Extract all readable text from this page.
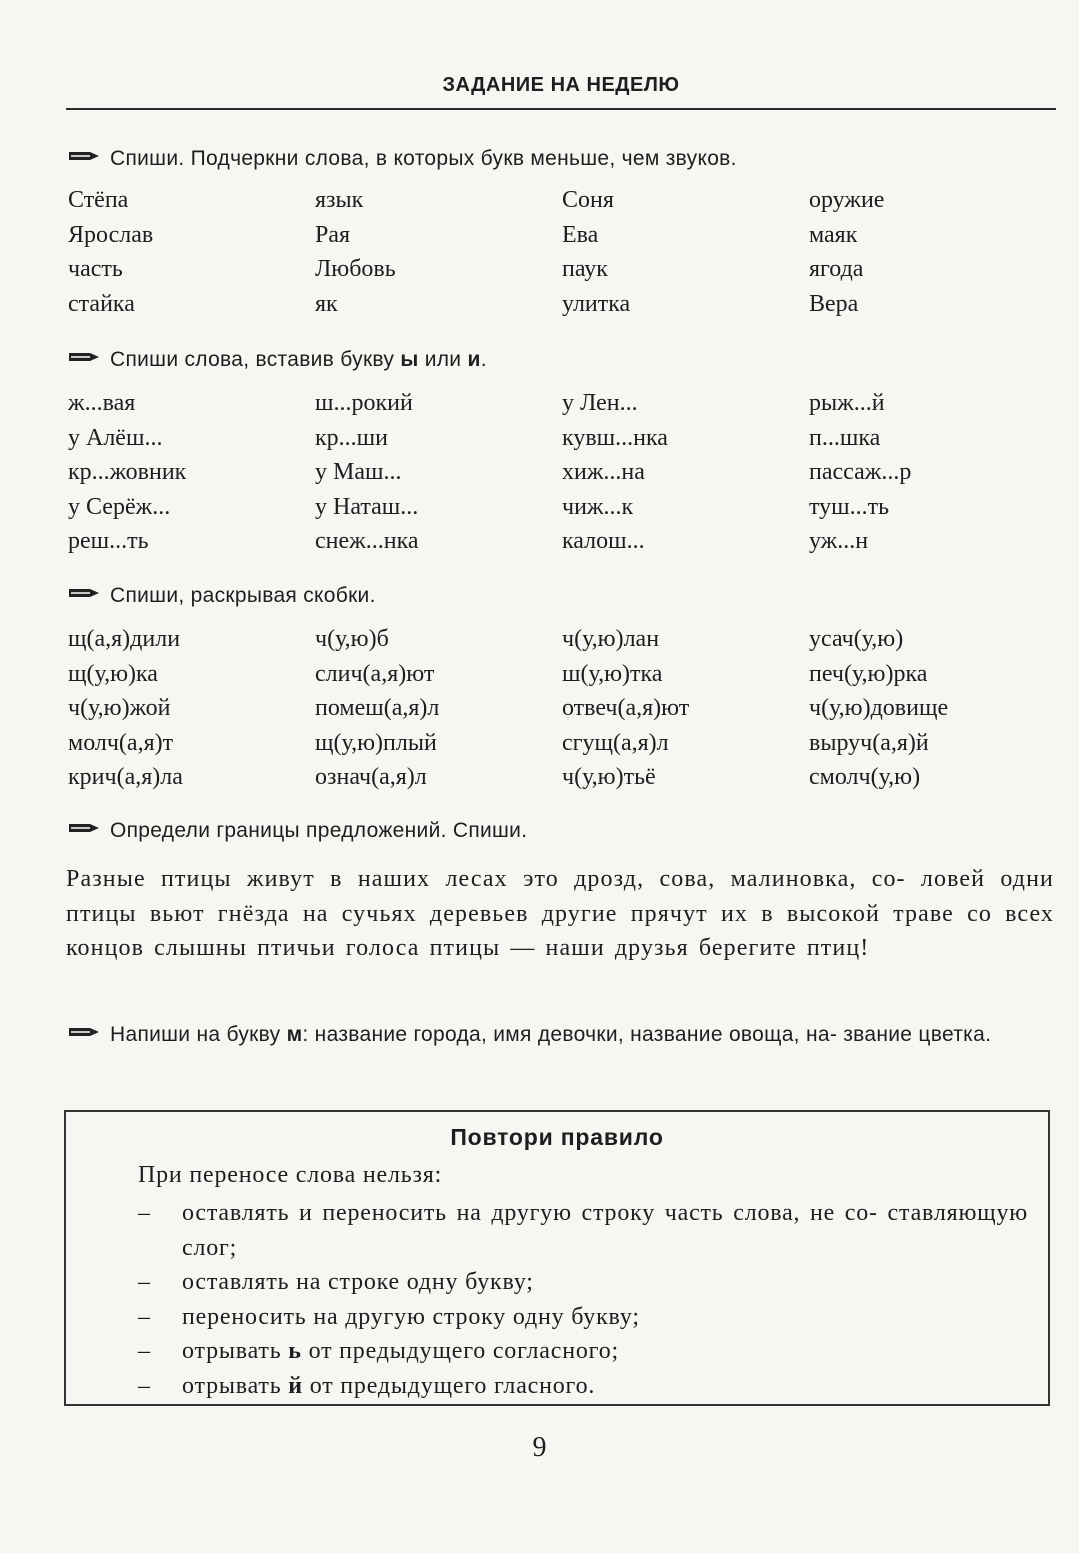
ЗАДАНИЕ НА НЕДЕЛЮ
Спиши. Подчеркни слова, в которых букв меньше, чем звуков.
Стёпа	язык	Соня	оружие
Ярослав	Рая	Ева	маяк
часть	Любовь	паук	ягода
стайка	як	улитка	Вера
Спиши слова, вставив букву ы или и.
ж...вая	ш...рокий	у Лен...	рыж...й
у Алёш...	кр...ши	кувш...нка	п...шка
кр...жовник	у Маш...	хиж...на	пассаж...р
у Серёж...	у Наташ...	чиж...к	туш...ть
реш...ть	снеж...нка	калош...	уж...н
Спиши, раскрывая скобки.
щ(а,я)дили	ч(у,ю)б	ч(у,ю)лан	усач(у,ю)
щ(у,ю)ка	слич(а,я)ют	ш(у,ю)тка	печ(у,ю)рка
ч(у,ю)жой	помеш(а,я)л	отвеч(а,я)ют	ч(у,ю)довище
молч(а,я)т	щ(у,ю)плый	сгущ(а,я)л	выруч(а,я)й
крич(а,я)ла	означ(а,я)л	ч(у,ю)тьё	смолч(у,ю)
Определи границы предложений. Спиши.
Разные птицы живут в наших лесах это дрозд, сова, малиновка, со- ловей одни птицы вьют гнёзда на сучьях деревьев другие прячут их в высокой траве со всех концов слышны птичьи голоса птицы — наши друзья берегите птиц!
Напиши на букву м: название города, имя девочки, название овоща, на- звание цветка.
Повтори правило
При переносе слова нельзя:
– оставлять и переносить на другую строку часть слова, не со- ставляющую слог;
– оставлять на строке одну букву;
– переносить на другую строку одну букву;
– отрывать ь от предыдущего согласного;
– отрывать й от предыдущего гласного.
9
